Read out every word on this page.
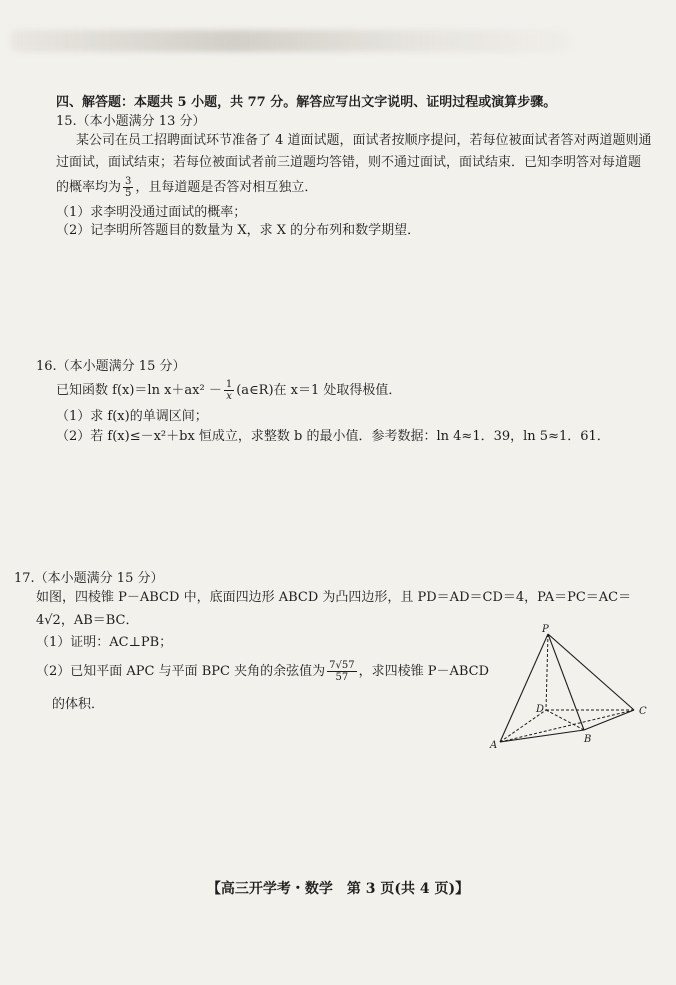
四、解答题：本题共 5 小题，共 77 分。解答应写出文字说明、证明过程或演算步骤。
15.（本小题满分 13 分）
某公司在员工招聘面试环节准备了 4 道面试题，面试者按顺序提问，若每位被面试者答对两道题则通
过面试，面试结束；若每位被面试者前三道题均答错，则不通过面试，面试结束．已知李明答对每道题
的概率均为 $\frac{3}{5}$ ，且每道题是否答对相互独立．
（1）求李明没通过面试的概率；
（2）记李明所答题目的数量为 X，求 X 的分布列和数学期望．
16.（本小题满分 15 分）
已知函数 f(x)＝ln $x+ax^2 - \frac{1}{x}$ (a∈R)在 x＝1 处取得极值．
（1）求 f(x)的单调区间；
（2）若 f(x)≤－x²＋bx 恒成立，求整数 b 的最小值．参考数据：ln 4≈1．39，ln 5≈1．61．
17.（本小题满分 15 分）
如图，四棱锥 P－ABCD 中，底面四边形 ABCD 为凸四边形，且 PD＝AD＝CD＝4，PA＝PC＝AC＝
4√2，AB＝BC．
（1）证明：AC⊥PB；
（2）已知平面 APC 与平面 BPC 夹角的余弦值为 $\frac{7√57}{57}$ ，求四棱锥 P－ABCD
的体积．
P
A
B
C
D
【高三开学考・数学　第 3 页(共 4 页)】
